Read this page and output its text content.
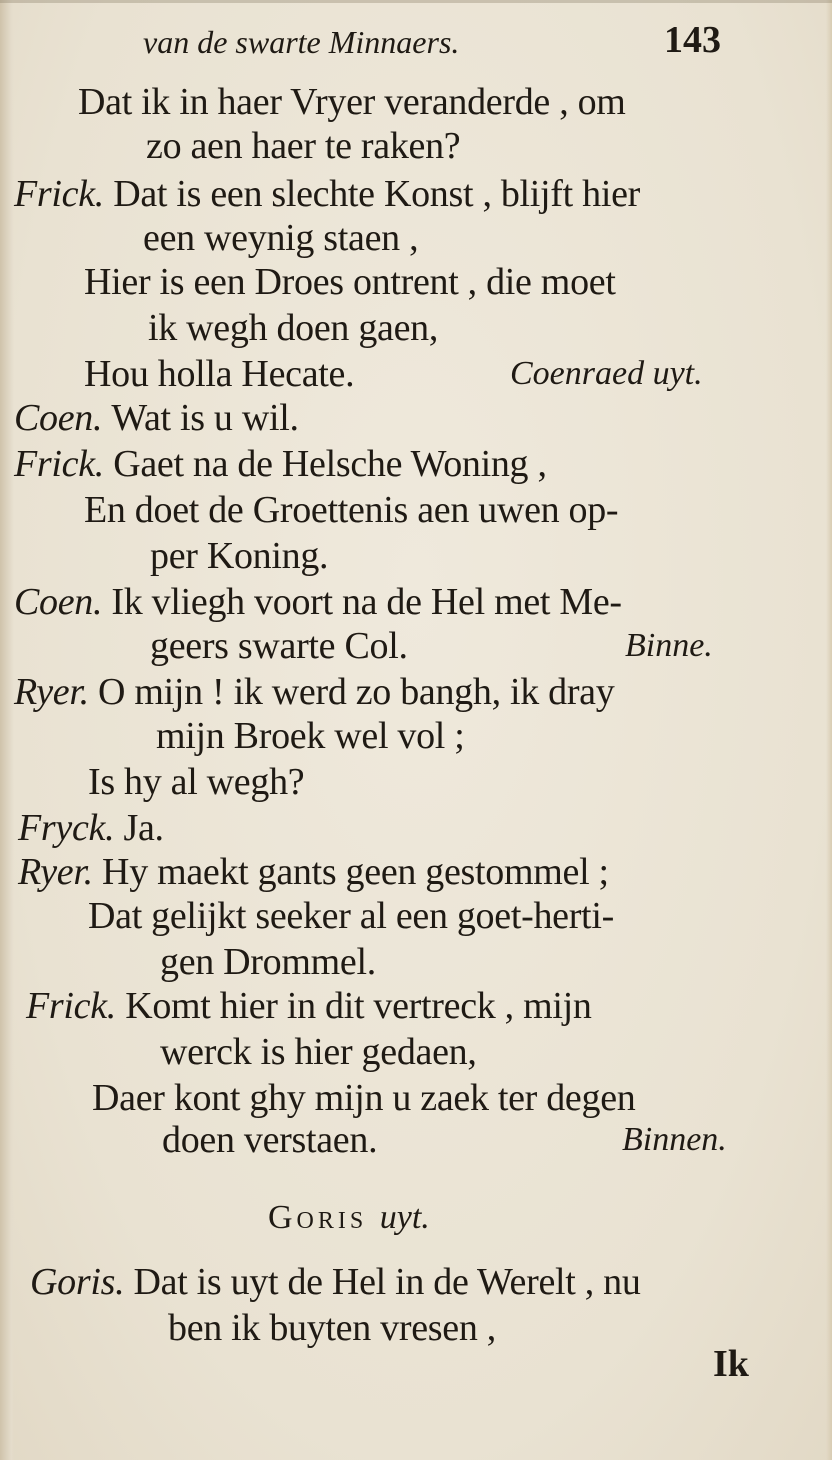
van de swarte Minnaers.	143
Dat ik in haer Vryer veranderde , om
zo aen haer te raken?
Frick. Dat is een slechte Konst , blijft hier
een weynig staen ,
Hier is een Droes ontrent , die moet
ik wegh doen gaen,
Hou holla Hecate.
Coen. Wat is u wil.
Frick. Gaet na de Helsche Woning ,
En doet de Groettenis aen uwen op-
per Koning.
Coen. Ik vliegh voort na de Hel met Me-
geers swarte Col.
Ryer. O mijn ! ik werd zo bangh, ik dray
mijn Broek wel vol ;
Is hy al wegh?
Fryck. Ja.
Ryer. Hy maekt gants geen gestommel ;
Dat gelijkt seeker al een goet-herti-
gen Drommel.
Frick. Komt hier in dit vertreck , mijn
werck is hier gedaen,
Daer kont ghy mijn u zaek ter degen
doen verstaen.
Goris. Dat is uyt de Hel in de Werelt , nu
ben ik buyten vresen ,
Coenraed uyt.
Binne.
Binnen.
Goris uyt.
Ik
